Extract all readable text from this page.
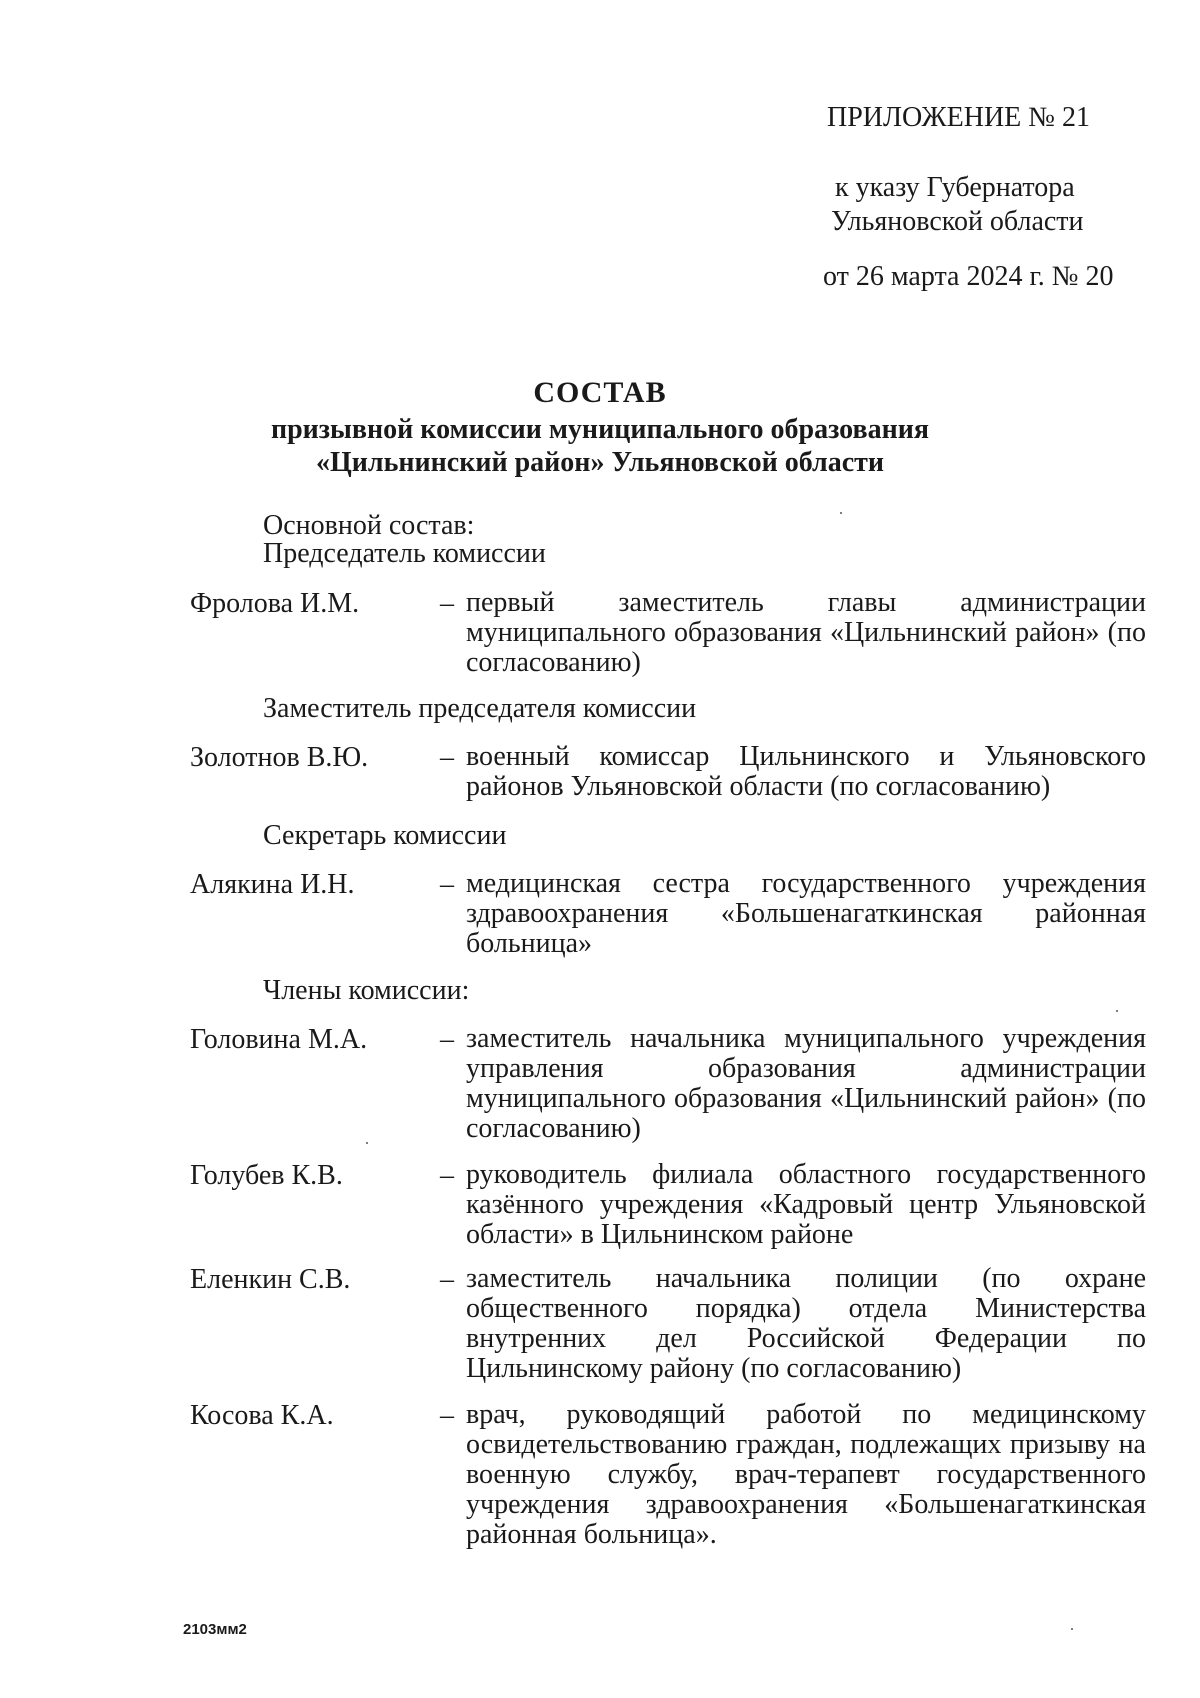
ПРИЛОЖЕНИЕ № 21
к указу Губернатора
Ульяновской области
от 26 марта 2024 г. № 20
СОСТАВ
призывной комиссии муниципального образования
«Цильнинский район» Ульяновской области
Основной состав:
Председатель комиссии
Фролова И.М.	– первый заместитель главы администрации муниципального образования «Цильнинский район» (по согласованию)
Заместитель председателя комиссии
Золотнов В.Ю.	– военный комиссар Цильнинского и Ульяновского районов Ульяновской области (по согласованию)
Секретарь комиссии
Алякина И.Н.	– медицинская сестра государственного учреждения здравоохранения «Большенагаткинская районная больница»
Члены комиссии:
Головина М.А.	– заместитель начальника муниципального учреждения управления образования администрации муниципального образования «Цильнинский район» (по согласованию)
Голубев К.В.	– руководитель филиала областного государственного казённого учреждения «Кадровый центр Ульяновской области» в Цильнинском районе
Еленкин С.В.	– заместитель начальника полиции (по охране общественного порядка) отдела Министерства внутренних дел Российской Федерации по Цильнинскому району (по согласованию)
Косова К.А.	– врач, руководящий работой по медицинскому освидетельствованию граждан, подлежащих призыву на военную службу, врач-терапевт государственного учреждения здравоохранения «Большенагаткинская районная больница».
2103мм2
